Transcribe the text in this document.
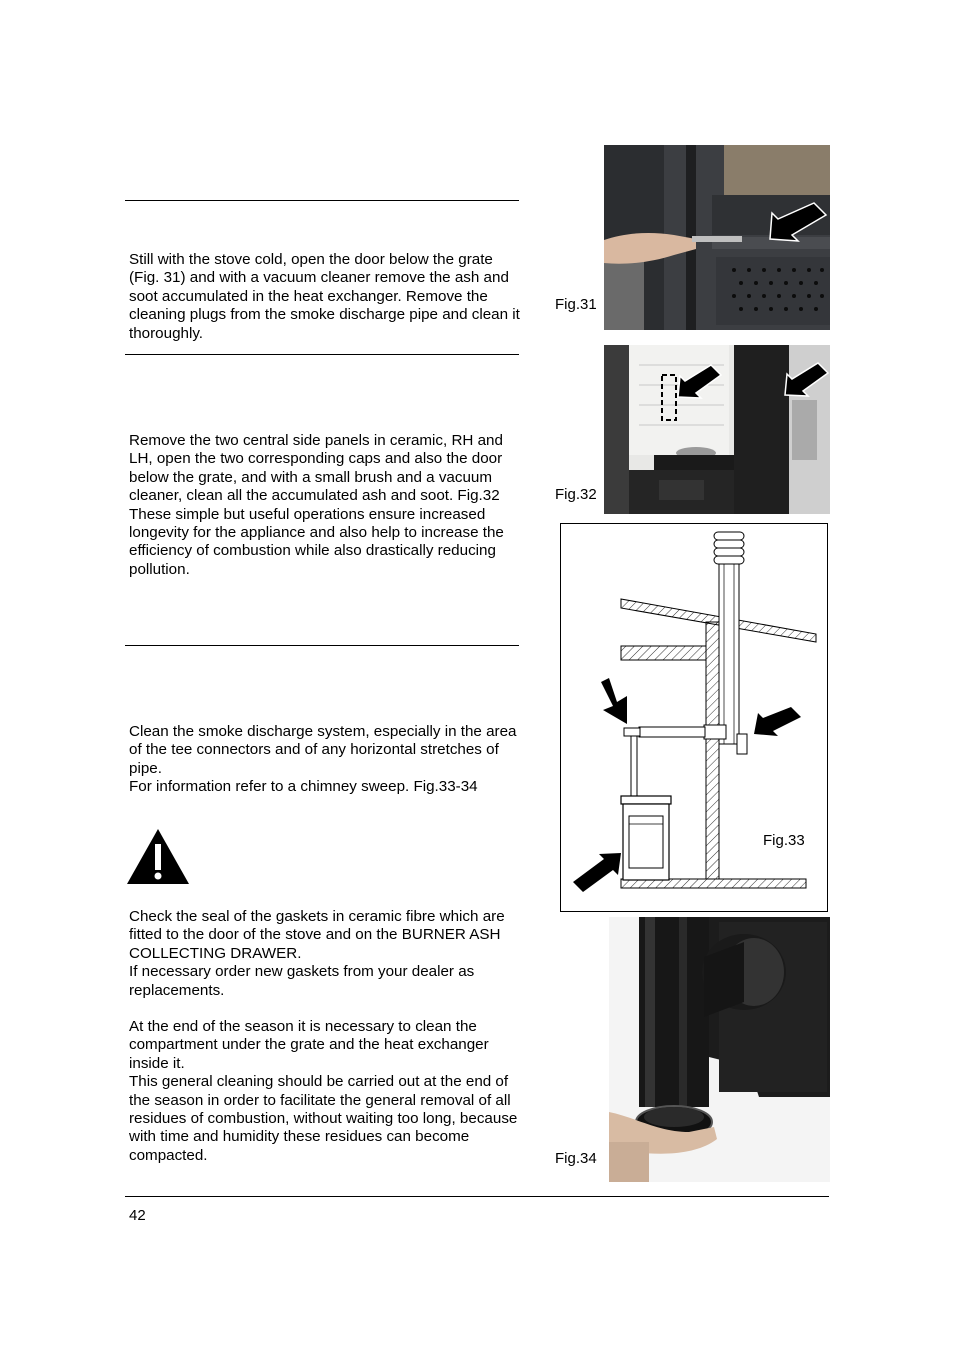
Still with the stove cold, open the door below the grate
(Fig. 31) and with a vacuum cleaner remove the ash and
soot accumulated in the heat exchanger. Remove the
cleaning plugs from the smoke discharge pipe and clean it
thoroughly.

Remove the two central side panels in ceramic, RH and
LH, open the two corresponding caps and also the door
below the grate, and with a small brush and a vacuum
cleaner, clean all the accumulated ash and soot. Fig.32
These simple but useful operations ensure increased
longevity for the appliance and also help to increase the
efficiency of combustion while also drastically reducing
pollution.

Clean the smoke discharge system, especially in the area
of the tee connectors and of any horizontal stretches of
pipe.
For information refer to a chimney sweep. Fig.33-34

Check the seal of the gaskets in ceramic fibre which are
fitted to the door of the stove and on the BURNER ASH
COLLECTING DRAWER.
If necessary order new gaskets from your dealer as
replacements.

At the end of the season it is necessary to clean the
compartment under the grate and the heat exchanger
inside it.
This general cleaning should be carried out at the end of
the season in order to facilitate the general removal of all
residues of combustion, without waiting too long, because
with time and humidity these residues can become
compacted.

Fig.31
Fig.32
Fig.33
Fig.34
42
